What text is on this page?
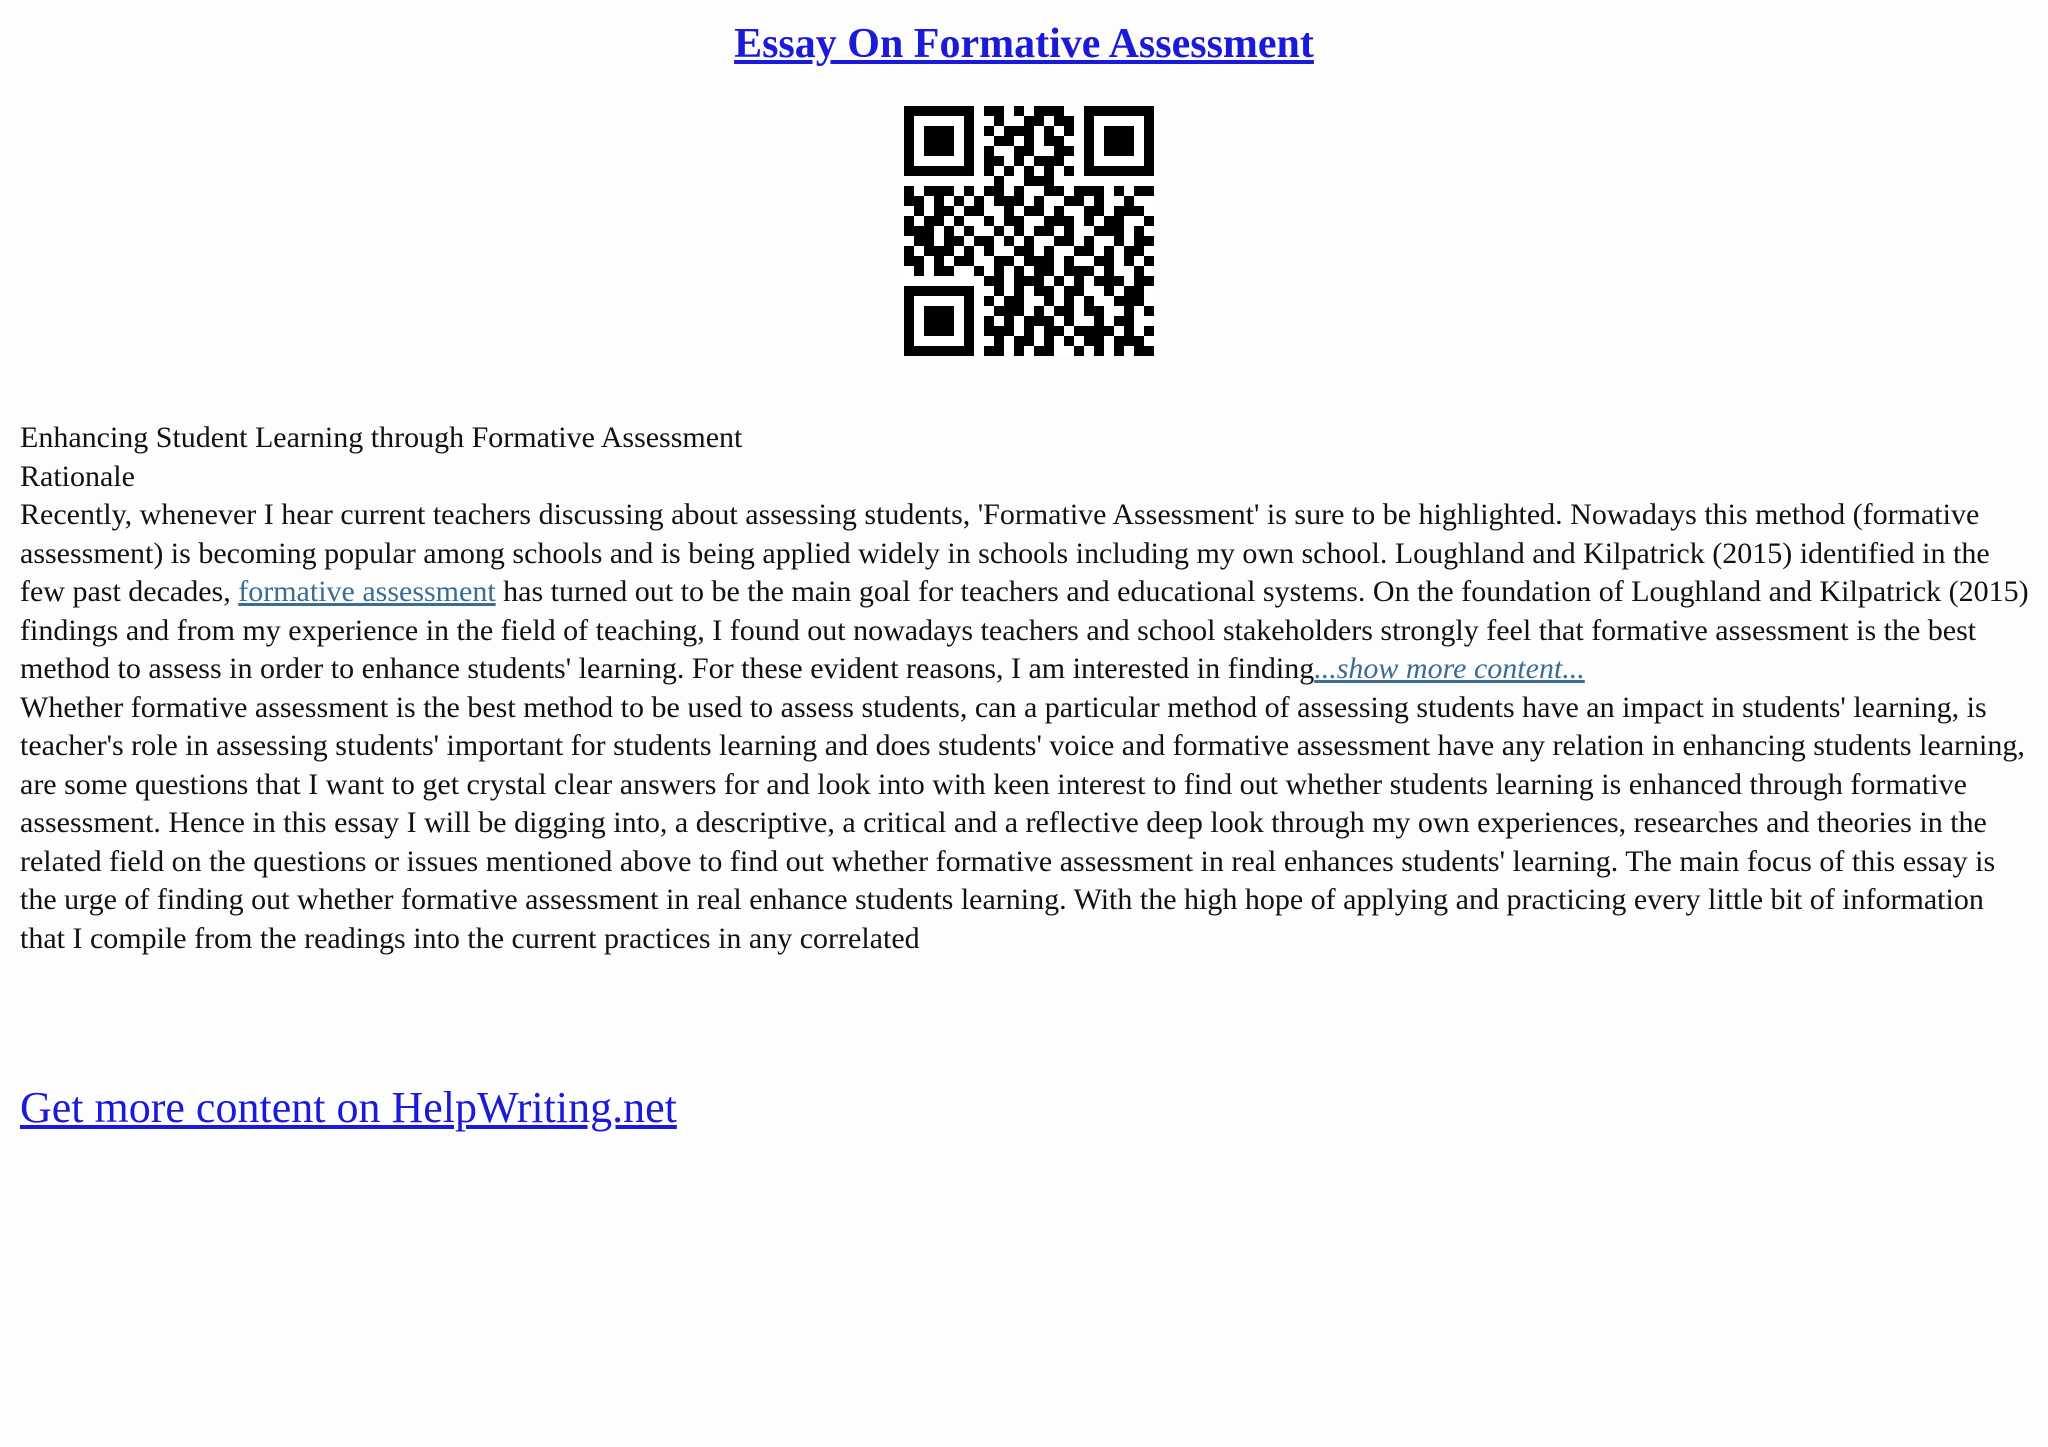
Essay On Formative Assessment

Enhancing Student Learning through Formative Assessment

Rationale

Recently, whenever I hear current teachers discussing about assessing students, 'Formative Assessment' is sure to be highlighted. Nowadays this method (formative assessment) is becoming popular among schools and is being applied widely in schools including my own school. Loughland and Kilpatrick (2015) identified in the few past decades, formative assessment has turned out to be the main goal for teachers and educational systems. On the foundation of Loughland and Kilpatrick (2015) findings and from my experience in the field of teaching, I found out nowadays teachers and school stakeholders strongly feel that formative assessment is the best method to assess in order to enhance students' learning. For these evident reasons, I am interested in finding...show more content...

Whether formative assessment is the best method to be used to assess students, can a particular method of assessing students have an impact in students' learning, is teacher's role in assessing students' important for students learning and does students' voice and formative assessment have any relation in enhancing students learning, are some questions that I want to get crystal clear answers for and look into with keen interest to find out whether students learning is enhanced through formative assessment. Hence in this essay I will be digging into, a descriptive, a critical and a reflective deep look through my own experiences, researches and theories in the related field on the questions or issues mentioned above to find out whether formative assessment in real enhances students' learning. The main focus of this essay is the urge of finding out whether formative assessment in real enhance students learning. With the high hope of applying and practicing every little bit of information that I compile from the readings into the current practices in any correlated

Get more content on HelpWriting.net
